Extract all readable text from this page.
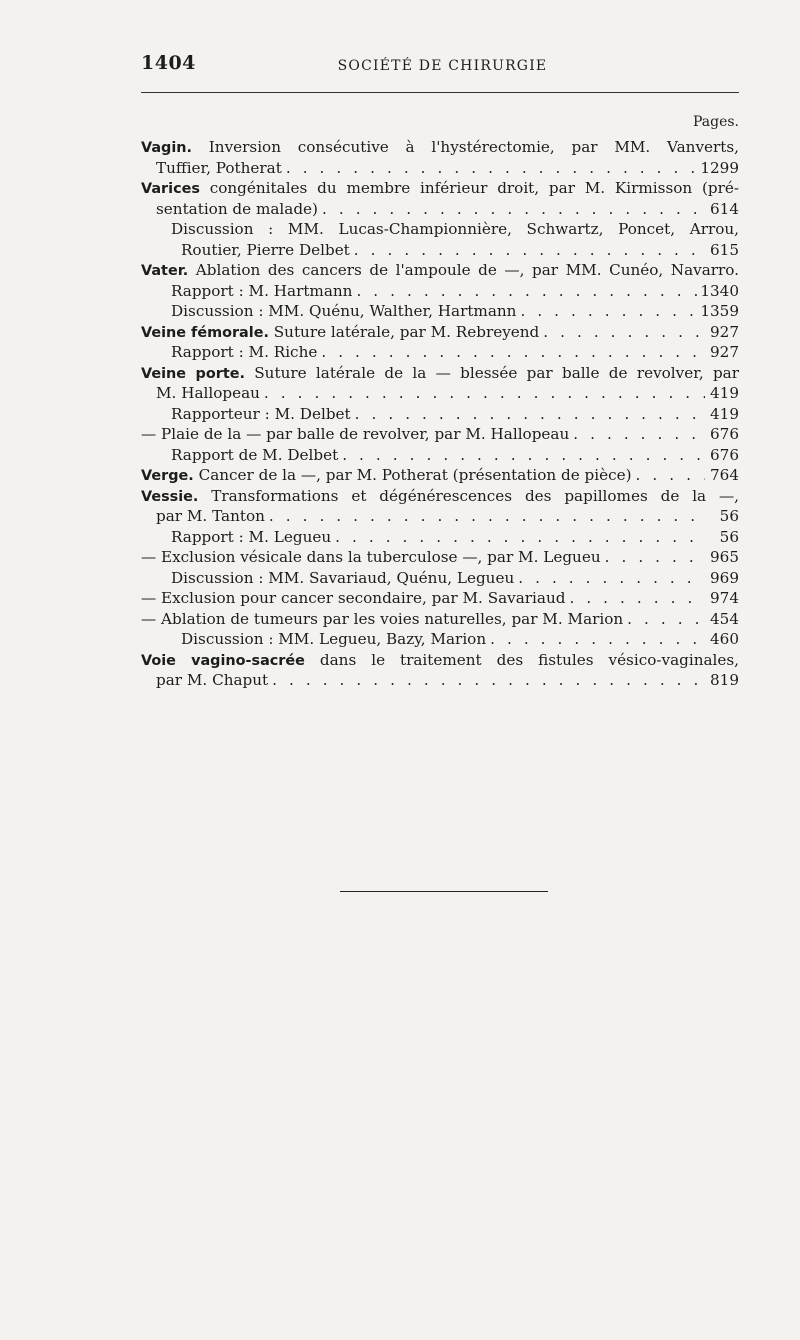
1404	SOCIÉTÉ DE CHIRURGIE
Pages.
Vagin. Inversion consécutive à l'hystérectomie, par MM. Vanverts,
Tuffier, Potherat . . .	1299
Varices congénitales du membre inférieur droit, par M. Kirmisson (pré-
sentation de malade) . . .	614
Discussion : MM. Lucas-Championnière, Schwartz, Poncet, Arrou,
Routier, Pierre Delbet . . .	615
Vater. Ablation des cancers de l'ampoule de —, par MM. Cunéo, Navarro.
Rapport : M. Hartmann . . .	1340
Discussion : MM. Quénu, Walther, Hartmann . . .	1359
Veine fémorale. Suture latérale, par M. Rebreyend . . .	927
Rapport : M. Riche . . .	927
Veine porte. Suture latérale de la — blessée par balle de revolver, par
M. Hallopeau . . .	419
Rapporteur : M. Delbet . . .	419
— Plaie de la — par balle de revolver, par M. Hallopeau . . .	676
Rapport de M. Delbet . . .	676
Verge. Cancer de la —, par M. Potherat (présentation de pièce) . . .	764
Vessie. Transformations et dégénérescences des papillomes de la —,
par M. Tanton . . .	56
Rapport : M. Legueu . . .	56
— Exclusion vésicale dans la tuberculose —, par M. Legueu . . .	965
Discussion : MM. Savariaud, Quénu, Legueu . . .	969
— Exclusion pour cancer secondaire, par M. Savariaud . . .	974
— Ablation de tumeurs par les voies naturelles, par M. Marion . . .	454
Discussion : MM. Legueu, Bazy, Marion . . .	460
Voie vagino-sacrée dans le traitement des fistules vésico-vaginales,
par M. Chaput . . .	819
